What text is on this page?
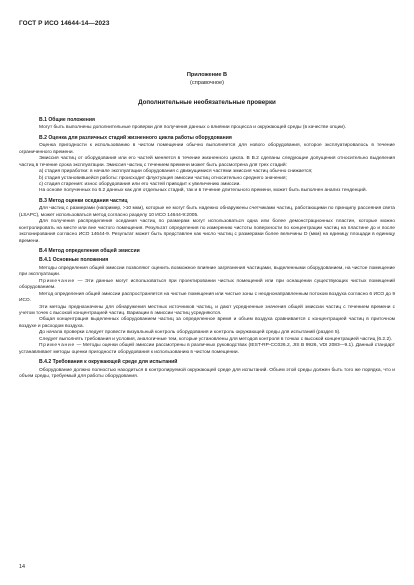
ГОСТ Р ИСО 14644-14—2023
Приложение В
(справочное)
Дополнительные необязательные проверки
В.1 Общие положения

Могут быть выполнены дополнительные проверки для получения данных о влиянии процесса и окружающей среды (в качестве опции).

В.2 Оценка для различных стадий жизненного цикла работы оборудования

Оценка пригодности к использованию в чистом помещении обычно выполняется для нового оборудования, которое эксплуатировалось в течение ограниченного времени.

Эмиссия частиц от оборудования или его частей меняется в течение жизненного цикла. В В.2 сделаны следующие допущения относительно выделения частиц в течение срока эксплуатации. Эмиссия частиц с течением времени может быть рассмотрена для трех стадий:

а) стадия приработки: в начале эксплуатации оборудования с движущимися частями эмиссия частиц обычно снижается;

b) стадия установившейся работы: происходит флуктуация эмиссии частиц относительно среднего значения;

с) стадия старения: износ оборудования или его частей приводит к увеличению эмиссии.

На основе полученных по 6.2 данных как для отдельных стадий, так и в течение длительного времени, может быть выполнен анализ тенденций.

В.3 Метод оценки оседания частиц

Для частиц с размерами (например, >10 мкм), которые не могут быть надежно обнаружены счетчиками частиц, работающими по принципу рассеяния света (LSAPC), может использоваться метод согласно разделу 10 ИСО 14644-9:2005.

Для получения распределения оседания частиц по размерам могут использоваться одна или более демонстрационных пластин, которые можно контролировать на месте или вне чистого помещения. Результат определения по измерению чистоты поверхности по концентрации частиц на пластине до и после экспонирования согласно ИСО 14644-9. Результат может быть представлен как число частиц с размерами более величины D (мкм) на единицу площади в единицу времени.

В.4 Метод определения общей эмиссии
В.4.1 Основные положения

Методы определения общей эмиссии позволяют оценить возможное влияние загрязнения частицами, выделенными оборудованием, на чистое помещение при эксплуатации.

Примечание — Эти данные могут использоваться при проектировании чистых помещений или при оснащении существующих чистых помещений оборудованием.

Метод определения общей эмиссии распространяется на чистые помещения или чистые зоны с неоднонаправленным потоком воздуха согласно 6 ИСО до 9 ИСО.

Эти методы предназначены для обнаружения местных источников частиц, и дают усредненные значения общей эмиссии частиц с течением времени с учетом точек с высокой концентрацией частиц. Вариации в эмиссии частиц усредняются.

Общая концентрация выделенных оборудованием частиц за определенное время и объем воздуха сравнивается с концентрацией частиц в приточном воздухе и расходом воздуха.

До начала проверки следует провести визуальный контроль оборудования и контроль окружающей среды для испытаний (раздел 5).

Следует выполнять требования и условия, аналогичные тем, которые установлены для методов контроля в точках с высокой концентрацией частиц (6.2.2).

Примечание — Методы оценки общей эмиссии рассмотрены в различных руководствах (IEST-RP-CC026.2, JIS B 9926, VDI 2083—9.1). Данный стандарт устанавливает методы оценки пригодности оборудования к использованию в чистом помещении.

В.4.2 Требования к окружающей среде для испытаний

Оборудование должно полностью находиться в контролируемой окружающей среде для испытаний. Объем этой среды должен быть того же порядка, что и объем среды, требуемый для работы оборудования.

14
